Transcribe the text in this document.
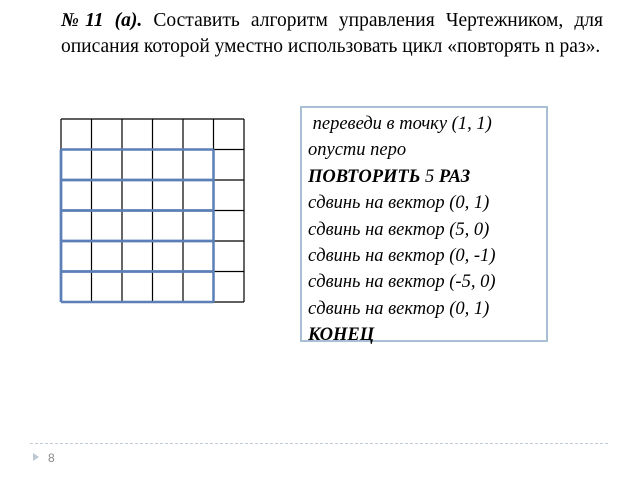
№11 (а). Составить алгоритм управления Чертежником, для описания которой уместно использовать цикл «повторять n раз».
переведи в точку (1, 1)
опусти перо
ПОВТОРИТЬ 5 РАЗ
сдвинь на вектор (0, 1)
сдвинь на вектор (5, 0)
сдвинь на вектор (0, -1)
сдвинь на вектор (-5, 0)
сдвинь на вектор (0, 1)
КОНЕЦ
8
